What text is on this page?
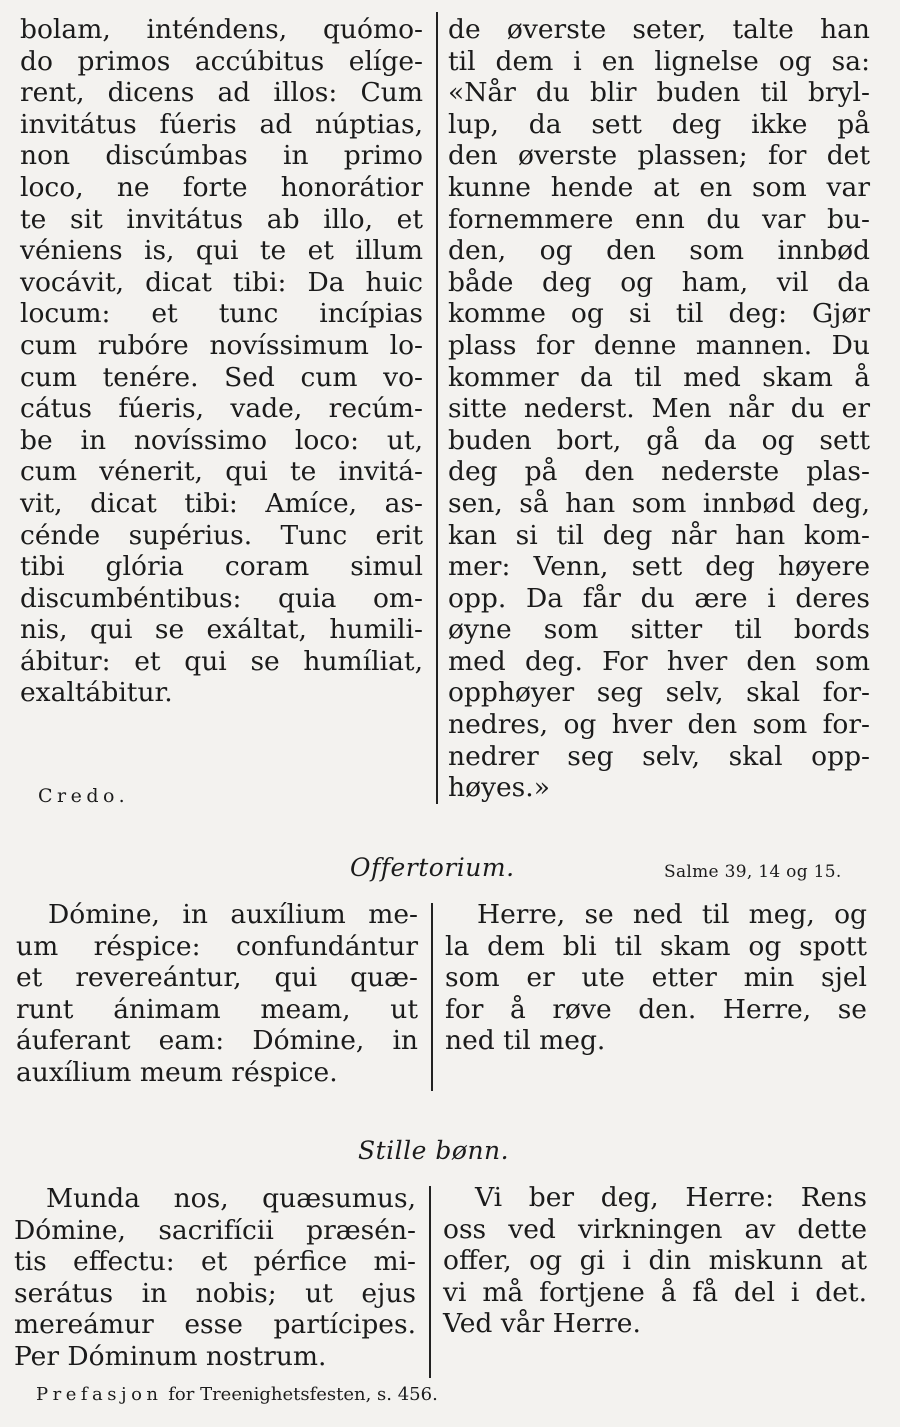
bolam, inténdens, quómo-
do primos accúbitus elíge-
rent, dicens ad illos: Cum
invitátus fúeris ad núptias,
non discúmbas in primo
loco, ne forte honorátior
te sit invitátus ab illo, et
véniens is, qui te et illum
vocávit, dicat tibi: Da huic
locum: et tunc incípias
cum rubóre novíssimum lo-
cum tenére. Sed cum vo-
cátus fúeris, vade, recúm-
be in novíssimo loco: ut,
cum vénerit, qui te invitá-
vit, dicat tibi: Amíce, as-
cénde supérius. Tunc erit
tibi glória coram simul
discumbéntibus: quia om-
nis, qui se exáltat, humili-
ábitur: et qui se humíliat,
exaltábitur.
de øverste seter, talte han
til dem i en lignelse og sa:
«Når du blir buden til bryl-
lup, da sett deg ikke på
den øverste plassen; for det
kunne hende at en som var
fornemmere enn du var bu-
den, og den som innbød
både deg og ham, vil da
komme og si til deg: Gjør
plass for denne mannen. Du
kommer da til med skam å
sitte nederst. Men når du er
buden bort, gå da og sett
deg på den nederste plas-
sen, så han som innbød deg,
kan si til deg når han kom-
mer: Venn, sett deg høyere
opp. Da får du ære i deres
øyne som sitter til bords
med deg. For hver den som
opphøyer seg selv, skal for-
nedres, og hver den som for-
nedrer seg selv, skal opp-
høyes.»
Credo.
Offertorium.	Salme 39, 14 og 15.
Dómine, in auxílium me-
um réspice: confundántur
et revereántur, qui quæ-
runt ánimam meam, ut
áuferant eam: Dómine, in
auxílium meum réspice.
Herre, se ned til meg, og
la dem bli til skam og spott
som er ute etter min sjel
for å røve den. Herre, se
ned til meg.
Stille bønn.
Munda nos, quæsumus,
Dómine, sacrifícii præsén-
tis effectu: et pérfice mi-
serátus in nobis; ut ejus
mereámur esse partícipes.
Per Dóminum nostrum.
Vi ber deg, Herre: Rens
oss ved virkningen av dette
offer, og gi i din miskunn at
vi må fortjene å få del i det.
Ved vår Herre.
Prefasjon for Treenighetsfesten, s. 456.
